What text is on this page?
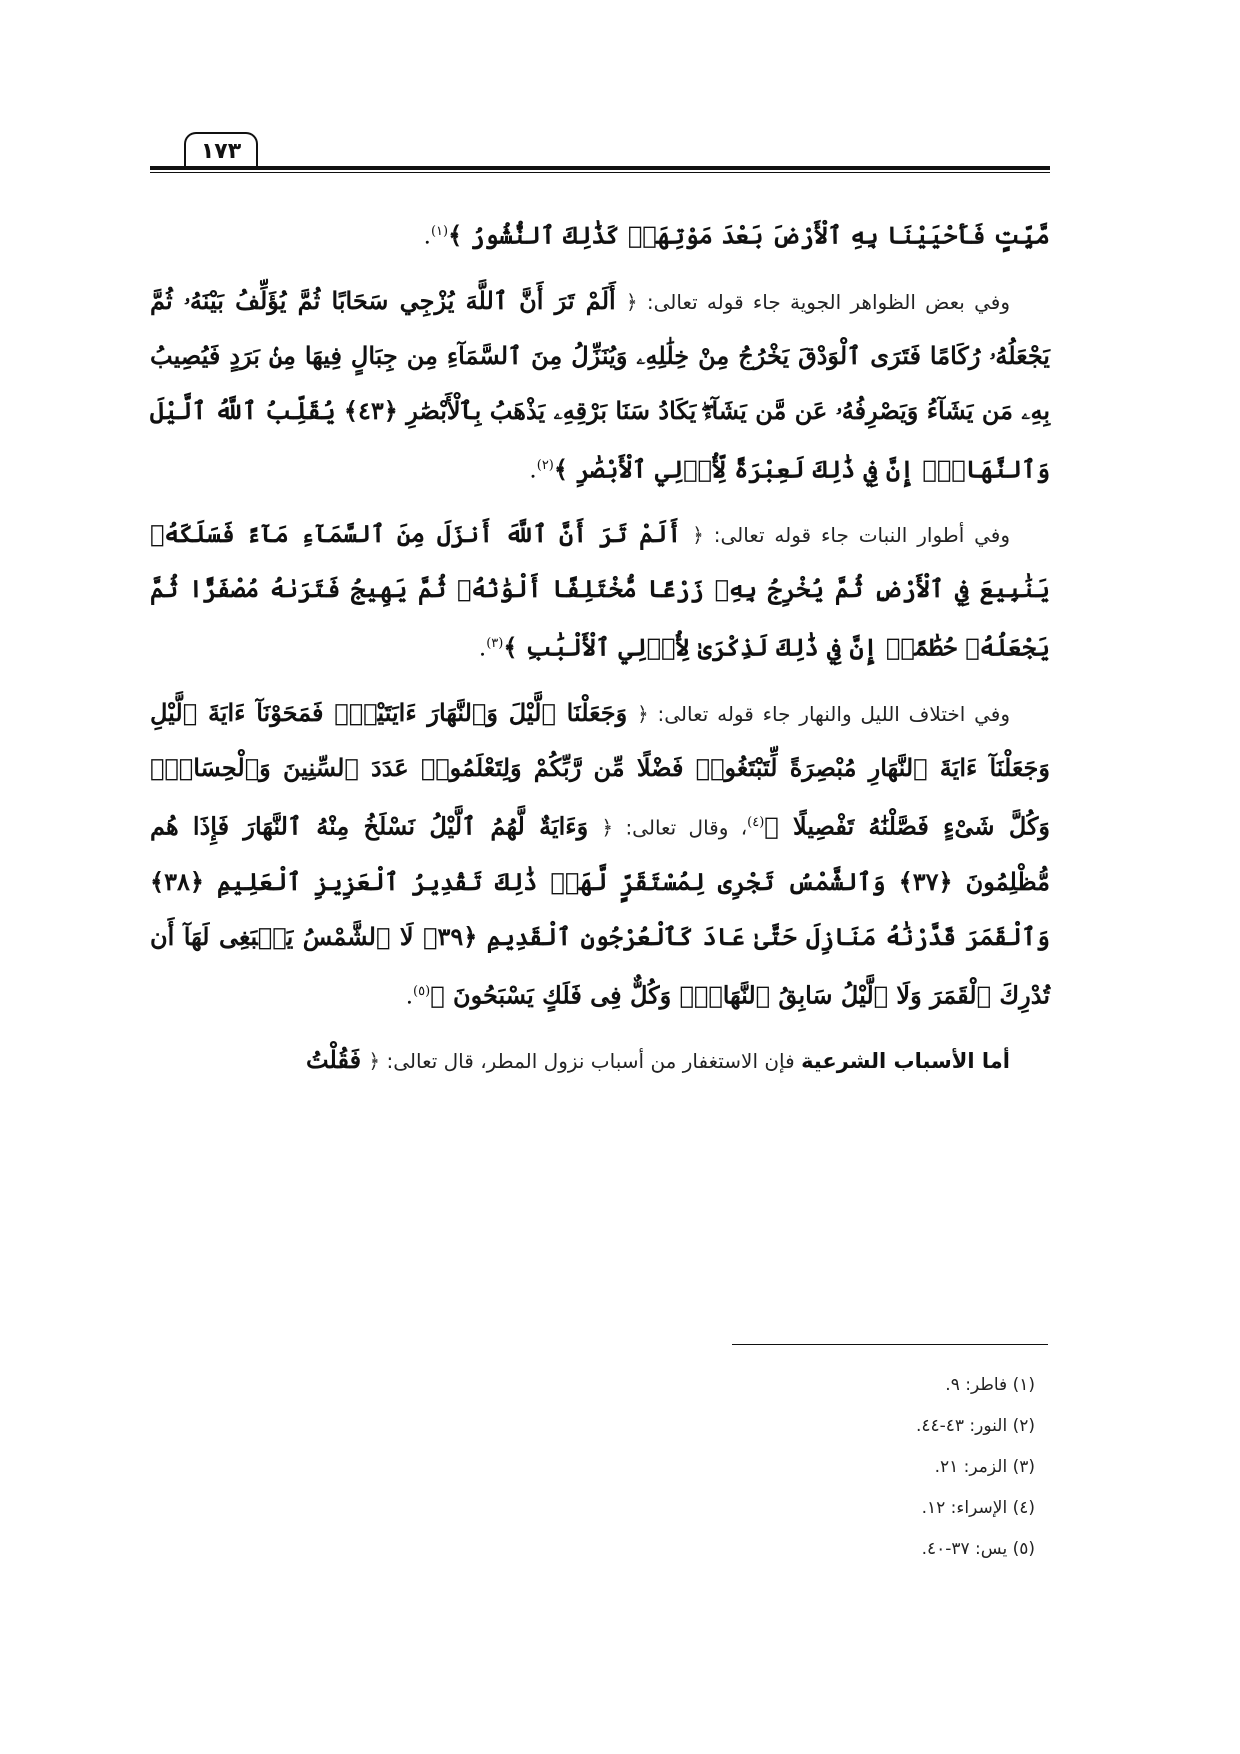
١٧٣

مَّيِّتٍ فَأَحْيَيْنَا بِهِ ٱلْأَرْضَ بَعْدَ مَوْتِهَاۚ كَذَٰلِكَ ٱلنُّشُورُ ﴾$^{(١)}$.

وفي بعض الظواهر الجوية جاء قوله تعالى: ﴿ أَلَمْ تَرَ أَنَّ ٱللَّهَ يُزْجِي سَحَابًا ثُمَّ يُؤَلِّفُ بَيْنَهُۥ ثُمَّ يَجْعَلُهُۥ رُكَامًا فَتَرَى ٱلْوَدْقَ يَخْرُجُ مِنْ خِلَٰلِهِۦ وَيُنَزِّلُ مِنَ ٱلسَّمَآءِ مِن جِبَالٍ فِيهَا مِنۢ بَرَدٍ فَيُصِيبُ بِهِۦ مَن يَشَآءُ وَيَصْرِفُهُۥ عَن مَّن يَشَآءُۖ يَكَادُ سَنَا بَرْقِهِۦ يَذْهَبُ بِٱلْأَبْصَٰرِ ﴿٤٣﴾ يُقَلِّبُ ٱللَّهُ ٱلَّيْلَ وَٱلنَّهَارَۚ إِنَّ فِي ذَٰلِكَ لَعِبْرَةً لِّأُو۟لِي ٱلْأَبْصَٰرِ ﴾$^{(٢)}$.

وفي أطوار النبات جاء قوله تعالى: ﴿ أَلَمْ تَرَ أَنَّ ٱللَّهَ أَنزَلَ مِنَ ٱلسَّمَآءِ مَآءً فَسَلَكَهُۥ يَنَٰبِيعَ فِي ٱلْأَرْضِ ثُمَّ يُخْرِجُ بِهِۦ زَرْعًا مُّخْتَلِفًا أَلْوَٰنُهُۥ ثُمَّ يَهِيجُ فَتَرَىٰهُ مُصْفَرًّا ثُمَّ يَجْعَلُهُۥ حُطَٰمًاۚ إِنَّ فِي ذَٰلِكَ لَذِكْرَىٰ لِأُو۟لِي ٱلْأَلْبَٰبِ ﴾$^{(٣)}$.

وفي اختلاف الليل والنهار جاء قوله تعالى: ﴿ وَجَعَلْنَا ٱلَّيْلَ وَٱلنَّهَارَ ءَايَتَيْنِۖ فَمَحَوْنَآ ءَايَةَ ٱلَّيْلِ وَجَعَلْنَآ ءَايَةَ ٱلنَّهَارِ مُبْصِرَةً لِّتَبْتَغُوا۟ فَضْلًا مِّن رَّبِّكُمْ وَلِتَعْلَمُوا۟ عَدَدَ ٱلسِّنِينَ وَٱلْحِسَابَۚ وَكُلَّ شَىْءٍ فَصَّلْنَٰهُ تَفْصِيلًا ﴾$^{(٤)}$، وقال تعالى: ﴿ وَءَايَةٌ لَّهُمُ ٱلَّيْلُ نَسْلَخُ مِنْهُ ٱلنَّهَارَ فَإِذَا هُم مُّظْلِمُونَ ﴿٣٧﴾ وَٱلشَّمْسُ تَجْرِى لِمُسْتَقَرٍّ لَّهَاۚ ذَٰلِكَ تَقْدِيرُ ٱلْعَزِيزِ ٱلْعَلِيمِ ﴿٣٨﴾ وَٱلْقَمَرَ قَدَّرْنَٰهُ مَنَازِلَ حَتَّىٰ عَادَ كَٱلْعُرْجُونِ ٱلْقَدِيمِ ﴿٣٩﴾ لَا ٱلشَّمْسُ يَنۢبَغِى لَهَآ أَن تُدْرِكَ ٱلْقَمَرَ وَلَا ٱلَّيْلُ سَابِقُ ٱلنَّهَارِۚ وَكُلٌّ فِى فَلَكٍ يَسْبَحُونَ ﴾$^{(٥)}$.

أما الأسباب الشرعية فإن الاستغفار من أسباب نزول المطر، قال تعالى: ﴿ فَقُلْتُ

(١) فاطر: ٩.
(٢) النور: ٤٣-٤٤.
(٣) الزمر: ٢١.
(٤) الإسراء: ١٢.
(٥) يس: ٣٧-٤٠.
